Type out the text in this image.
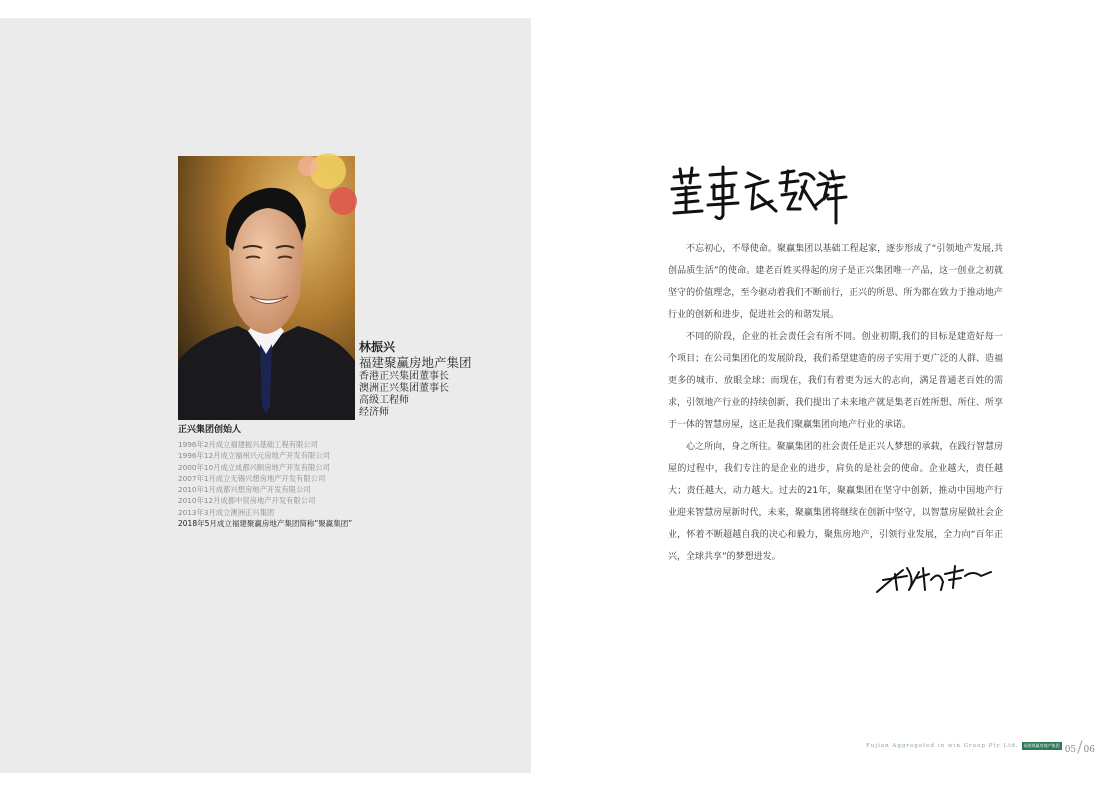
林振兴
福建聚赢房地产集团
香港正兴集团董事长
澳洲正兴集团董事长
高级工程师
经济师
正兴集团创始人
1996年2月成立福建振兴基础工程有限公司
1996年12月成立福州兴元房地产开发有限公司
2000年10月成立成都兴顺房地产开发有限公司
2007年1月成立无锡兴想房地产开发有限公司
2010年1月成都兴想房地产开发有限公司
2010年12月成都中贸房地产开发有限公司
2013年3月成立澳洲正兴集团
2018年5月成立福建聚赢房地产集团简称“聚赢集团”

不忘初心，不辱使命。聚赢集团以基础工程起家，逐步形成了“引领地产发展,共创品质生活”的使命。建老百姓买得起的房子是正兴集团唯一产品，这一创业之初就坚守的价值理念，至今驱动着我们不断前行，正兴的所思、所为都在致力于推动地产行业的创新和进步，促进社会的和谐发展。

不同的阶段，企业的社会责任会有所不同。创业初期,我们的目标是建造好每一个项目；在公司集团化的发展阶段，我们希望建造的房子实用于更广泛的人群、造福更多的城市、放眼全球；而现在，我们有着更为远大的志向，满足普通老百姓的需求，引领地产行业的持续创新，我们提出了未来地产就是集老百姓所想、所住、所享于一体的智慧房屋，这正是我们聚赢集团向地产行业的承诺。

心之所向，身之所往。聚赢集团的社会责任是正兴人梦想的承载，在践行智慧房屋的过程中，我们专注的是企业的进步，肩负的是社会的使命。企业越大，责任越大；责任越大，动力越大。过去的21年，聚赢集团在坚守中创新，推动中国地产行业迎来智慧房屋新时代，未来，聚赢集团将继续在创新中坚守，以智慧房屋做社会企业，怀着不断超越自我的决心和毅力，聚焦房地产，引领行业发展，全力向“百年正兴，全球共享”的梦想进发。

Fujian Aggregated in win Group Pty Ltd.	福建聚赢房地产集团 05/06
